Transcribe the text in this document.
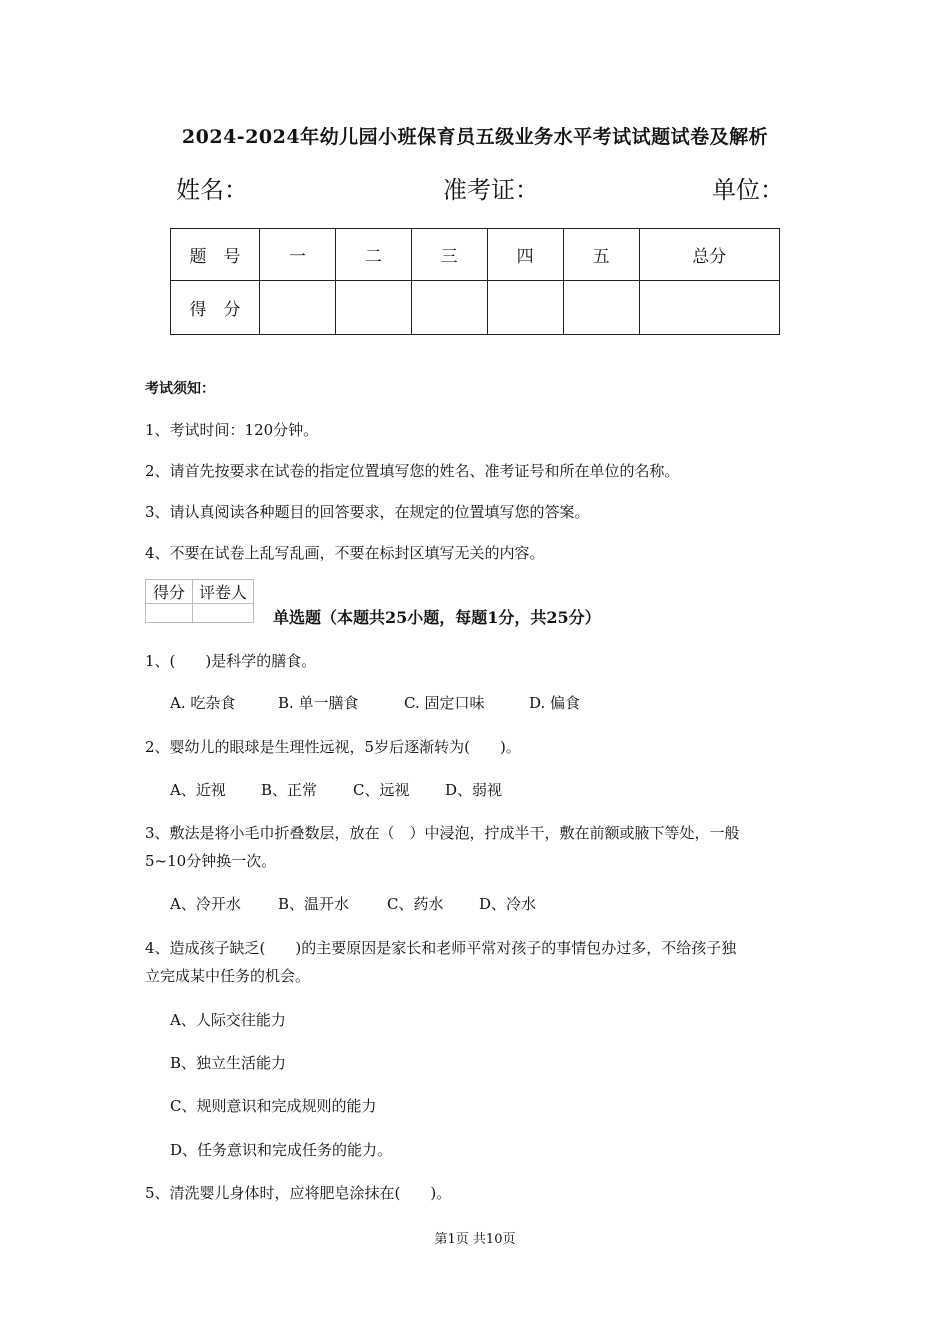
2024-2024年幼儿园小班保育员五级业务水平考试试题试卷及解析
姓名：	准考证：	单位：
题　号	一	二	三	四	五	总分
得　分						
考试须知：
1、考试时间：120分钟。
2、请首先按要求在试卷的指定位置填写您的姓名、准考证号和所在单位的名称。
3、请认真阅读各种题目的回答要求，在规定的位置填写您的答案。
4、不要在试卷上乱写乱画，不要在标封区填写无关的内容。
得分	评卷人

单选题（本题共25小题，每题1分，共25分）
1、(　　)是科学的膳食。
A. 吃杂食	B. 单一膳食	C. 固定口味	D. 偏食
2、婴幼儿的眼球是生理性远视，5岁后逐渐转为(　　)。
A、近视 B、正常 C、远视 D、弱视
3、敷法是将小毛巾折叠数层，放在（　）中浸泡，拧成半干，敷在前额或腋下等处，一般
5~10分钟换一次。
A、冷开水 B、温开水	C、药水 D、冷水
4、造成孩子缺乏(　　)的主要原因是家长和老师平常对孩子的事情包办过多，不给孩子独
立完成某中任务的机会。
A、人际交往能力
B、独立生活能力
C、规则意识和完成规则的能力
D、任务意识和完成任务的能力。
5、清洗婴儿身体时，应将肥皂涂抹在(　　)。
第1页 共10页
